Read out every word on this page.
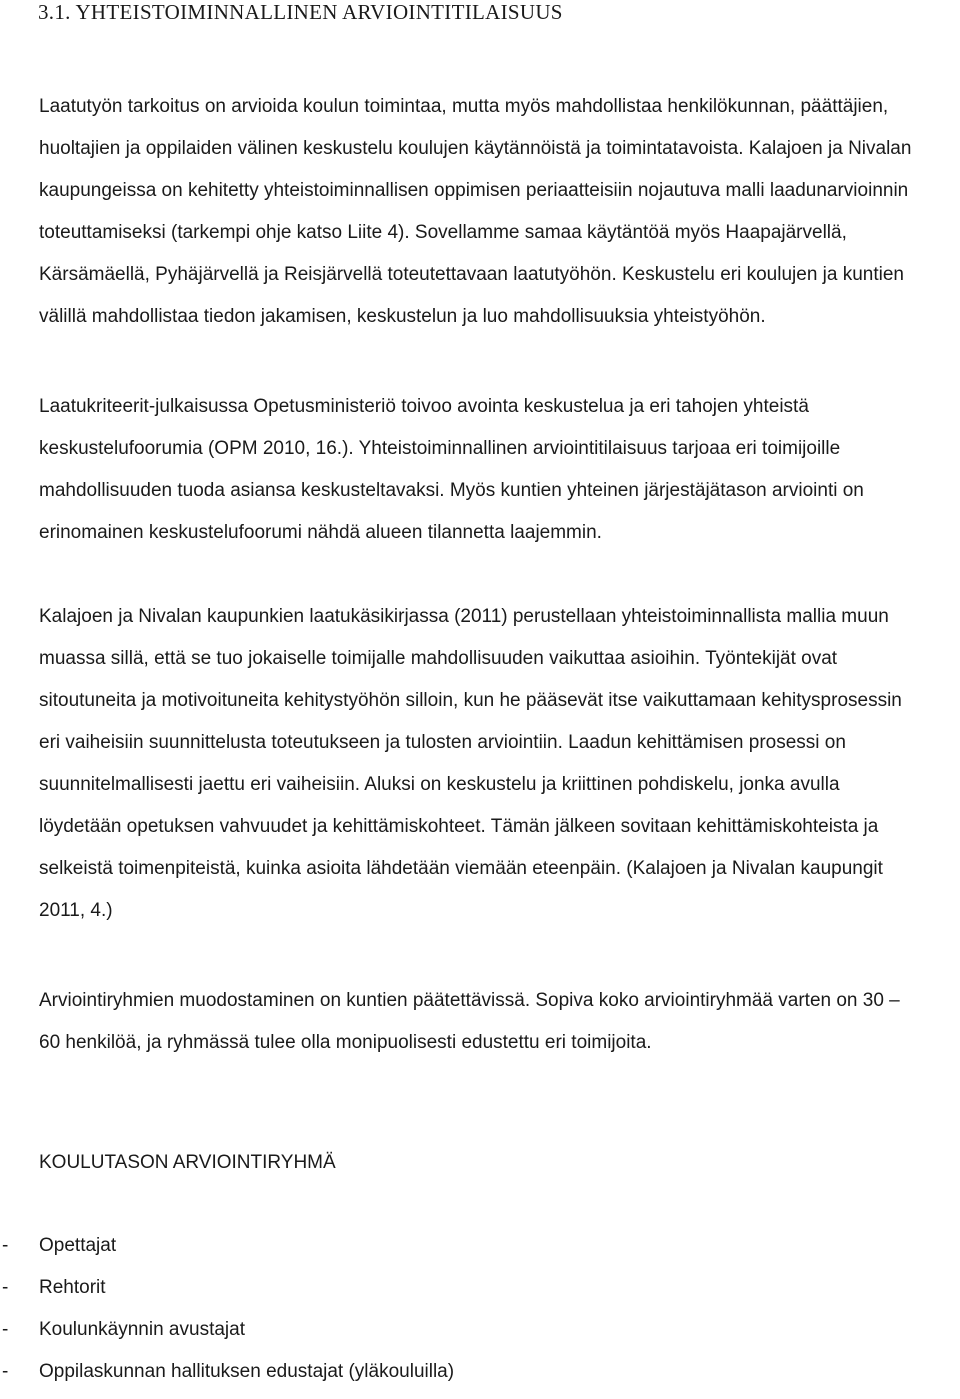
3.1. YHTEISTOIMINNALLINEN ARVIOINTITILAISUUS
Laatutyön tarkoitus on arvioida koulun toimintaa, mutta myös mahdollistaa henkilökunnan, päättäjien,
huoltajien ja oppilaiden välinen keskustelu koulujen käytännöistä ja toimintatavoista. Kalajoen ja Nivalan
kaupungeissa on kehitetty yhteistoiminnallisen oppimisen periaatteisiin nojautuva malli laadunarvioinnin
toteuttamiseksi (tarkempi ohje katso Liite 4). Sovellamme samaa käytäntöä myös Haapajärvellä,
Kärsämäellä, Pyhäjärvellä ja Reisjärvellä toteutettavaan laatutyöhön. Keskustelu eri koulujen ja kuntien
välillä mahdollistaa tiedon jakamisen, keskustelun ja luo mahdollisuuksia yhteistyöhön.
Laatukriteerit-julkaisussa Opetusministeriö toivoo avointa keskustelua ja eri tahojen yhteistä
keskustelufoorumia (OPM 2010, 16.). Yhteistoiminnallinen arviointitilaisuus tarjoaa eri toimijoille
mahdollisuuden tuoda asiansa keskusteltavaksi. Myös kuntien yhteinen järjestäjätason arviointi on
erinomainen keskustelufoorumi nähdä alueen tilannetta laajemmin.
Kalajoen ja Nivalan kaupunkien laatukäsikirjassa (2011) perustellaan yhteistoiminnallista mallia muun
muassa sillä, että se tuo jokaiselle toimijalle mahdollisuuden vaikuttaa asioihin. Työntekijät ovat
sitoutuneita ja motivoituneita kehitystyöhön silloin, kun he pääsevät itse vaikuttamaan kehitysprosessin
eri vaiheisiin suunnittelusta toteutukseen ja tulosten arviointiin. Laadun kehittämisen prosessi on
suunnitelmallisesti jaettu eri vaiheisiin. Aluksi on keskustelu ja kriittinen pohdiskelu, jonka avulla
löydetään opetuksen vahvuudet ja kehittämiskohteet. Tämän jälkeen sovitaan kehittämiskohteista ja
selkeistä toimenpiteistä, kuinka asioita lähdetään viemään eteenpäin. (Kalajoen ja Nivalan kaupungit
2011, 4.)
Arviointiryhmien muodostaminen on kuntien päätettävissä. Sopiva koko arviointiryhmää varten on 30 –
60 henkilöä, ja ryhmässä tulee olla monipuolisesti edustettu eri toimijoita.
KOULUTASON ARVIOINTIRYHMÄ
- Opettajat
- Rehtorit
- Koulunkäynnin avustajat
- Oppilaskunnan hallituksen edustajat (yläkouluilla)
